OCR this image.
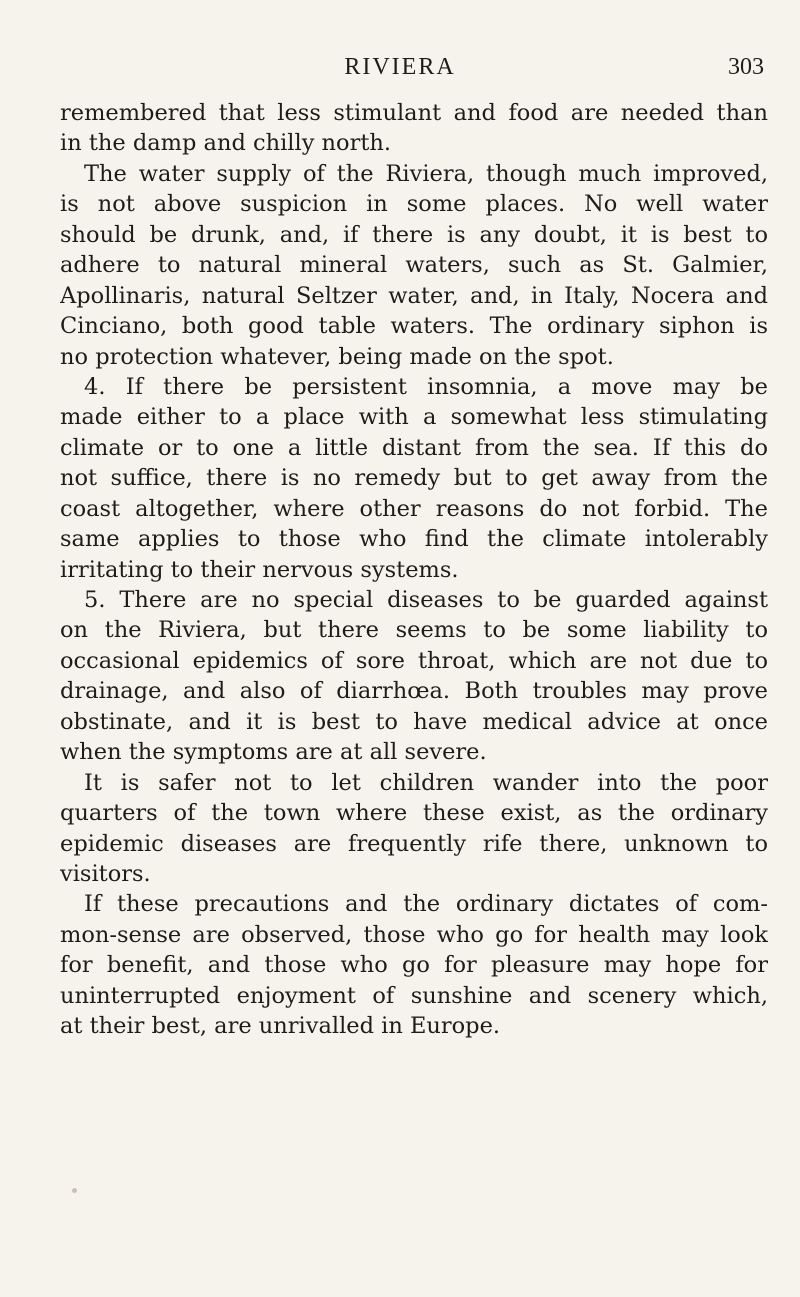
RIVIERA	303
remembered that less stimulant and food are needed than
in the damp and chilly north.
The water supply of the Riviera, though much improved,
is not above suspicion in some places. No well water
should be drunk, and, if there is any doubt, it is best to
adhere to natural mineral waters, such as St. Galmier,
Apollinaris, natural Seltzer water, and, in Italy, Nocera and
Cinciano, both good table waters. The ordinary siphon is
no protection whatever, being made on the spot.
4. If there be persistent insomnia, a move may be
made either to a place with a somewhat less stimulating
climate or to one a little distant from the sea. If this do
not suffice, there is no remedy but to get away from the
coast altogether, where other reasons do not forbid. The
same applies to those who find the climate intolerably
irritating to their nervous systems.
5. There are no special diseases to be guarded against
on the Riviera, but there seems to be some liability to
occasional epidemics of sore throat, which are not due to
drainage, and also of diarrhœa. Both troubles may prove
obstinate, and it is best to have medical advice at once
when the symptoms are at all severe.
It is safer not to let children wander into the poor
quarters of the town where these exist, as the ordinary
epidemic diseases are frequently rife there, unknown to
visitors.
If these precautions and the ordinary dictates of com-
mon-sense are observed, those who go for health may look
for benefit, and those who go for pleasure may hope for
uninterrupted enjoyment of sunshine and scenery which,
at their best, are unrivalled in Europe.
